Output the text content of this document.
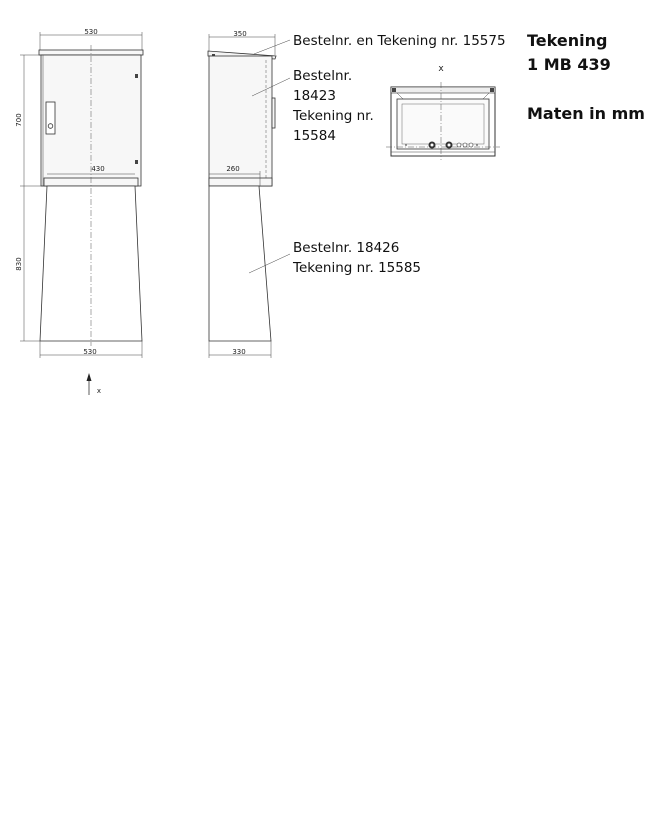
530
430
700
830
530
x
350
260
330
Bestelnr. en Tekening nr. 15575
Bestelnr.
18423
Tekening nr.
15584
Bestelnr. 18426
Tekening nr. 15585
x
Tekening
1 MB 439
Maten in mm
